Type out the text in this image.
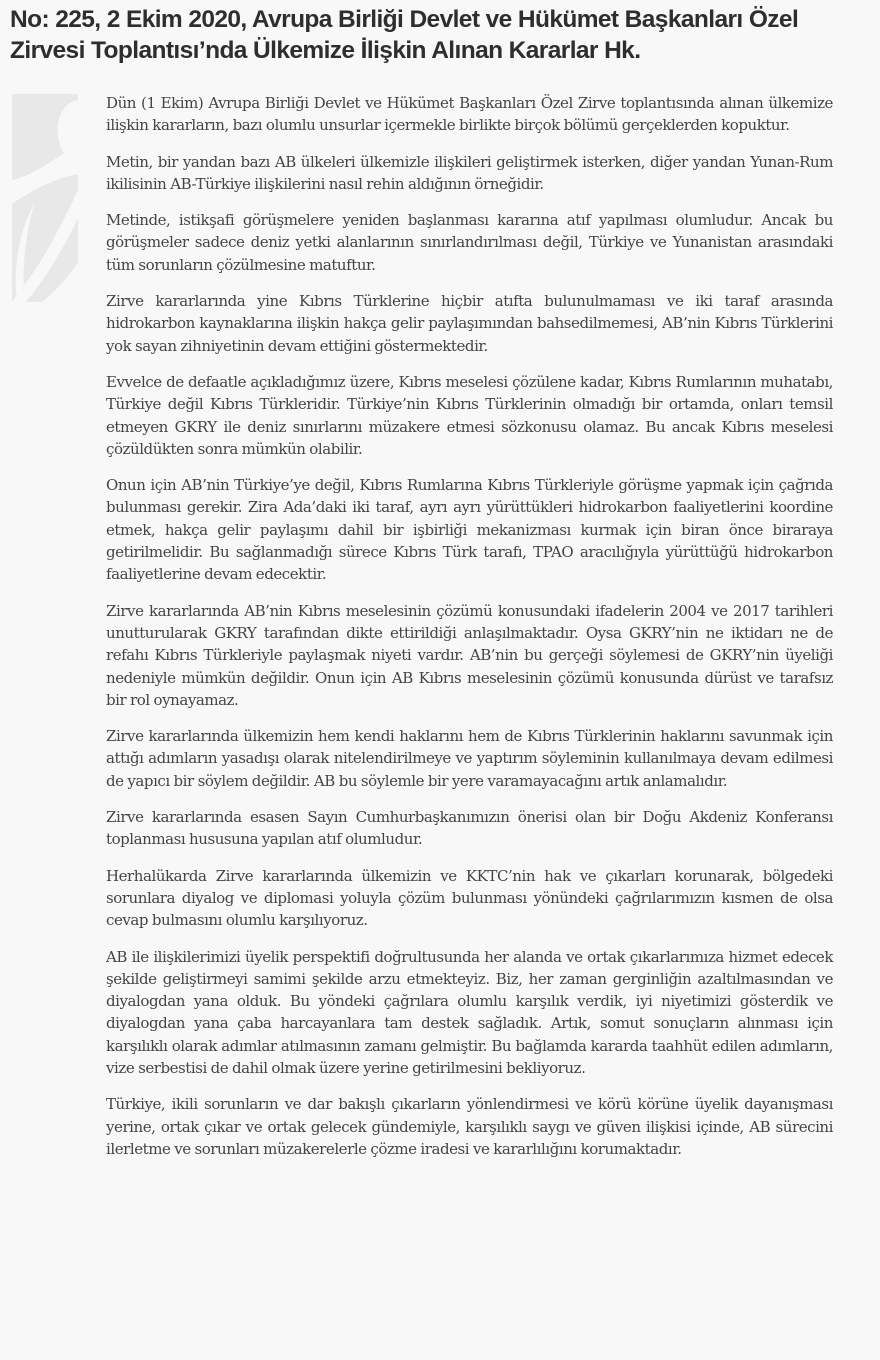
No: 225, 2 Ekim 2020, Avrupa Birliği Devlet ve Hükümet Başkanları Özel Zirvesi Toplantısı’nda Ülkemize İlişkin Alınan Kararlar Hk.

Dün (1 Ekim) Avrupa Birliği Devlet ve Hükümet Başkanları Özel Zirve toplantısında alınan ülkemize ilişkin kararların, bazı olumlu unsurlar içermekle birlikte birçok bölümü gerçeklerden kopuktur.

Metin, bir yandan bazı AB ülkeleri ülkemizle ilişkileri geliştirmek isterken, diğer yandan Yunan-Rum ikilisinin AB-Türkiye ilişkilerini nasıl rehin aldığının örneğidir.

Metinde, istikşafi görüşmelere yeniden başlanması kararına atıf yapılması olumludur. Ancak bu görüşmeler sadece deniz yetki alanlarının sınırlandırılması değil, Türkiye ve Yunanistan arasındaki tüm sorunların çözülmesine matuftur.

Zirve kararlarında yine Kıbrıs Türklerine hiçbir atıfta bulunulmaması ve iki taraf arasında hidrokarbon kaynaklarına ilişkin hakça gelir paylaşımından bahsedilmemesi, AB’nin Kıbrıs Türklerini yok sayan zihniyetinin devam ettiğini göstermektedir.

Evvelce de defaatle açıkladığımız üzere, Kıbrıs meselesi çözülene kadar, Kıbrıs Rumlarının muhatabı, Türkiye değil Kıbrıs Türkleridir. Türkiye’nin Kıbrıs Türklerinin olmadığı bir ortamda, onları temsil etmeyen GKRY ile deniz sınırlarını müzakere etmesi sözkonusu olamaz. Bu ancak Kıbrıs meselesi çözüldükten sonra mümkün olabilir.

Onun için AB’nin Türkiye’ye değil, Kıbrıs Rumlarına Kıbrıs Türkleriyle görüşme yapmak için çağrıda bulunması gerekir. Zira Ada’daki iki taraf, ayrı ayrı yürüttükleri hidrokarbon faaliyetlerini koordine etmek, hakça gelir paylaşımı dahil bir işbirliği mekanizması kurmak için biran önce biraraya getirilmelidir. Bu sağlanmadığı sürece Kıbrıs Türk tarafı, TPAO aracılığıyla yürüttüğü hidrokarbon faaliyetlerine devam edecektir.

Zirve kararlarında AB’nin Kıbrıs meselesinin çözümü konusundaki ifadelerin 2004 ve 2017 tarihleri unutturularak GKRY tarafından dikte ettirildiği anlaşılmaktadır. Oysa GKRY’nin ne iktidarı ne de refahı Kıbrıs Türkleriyle paylaşmak niyeti vardır. AB’nin bu gerçeği söylemesi de GKRY’nin üyeliği nedeniyle mümkün değildir. Onun için AB Kıbrıs meselesinin çözümü konusunda dürüst ve tarafsız bir rol oynayamaz.

Zirve kararlarında ülkemizin hem kendi haklarını hem de Kıbrıs Türklerinin haklarını savunmak için attığı adımların yasadışı olarak nitelendirilmeye ve yaptırım söyleminin kullanılmaya devam edilmesi de yapıcı bir söylem değildir. AB bu söylemle bir yere varamayacağını artık anlamalıdır.

Zirve kararlarında esasen Sayın Cumhurbaşkanımızın önerisi olan bir Doğu Akdeniz Konferansı toplanması hususuna yapılan atıf olumludur.

Herhalükarda Zirve kararlarında ülkemizin ve KKTC’nin hak ve çıkarları korunarak, bölgedeki sorunlara diyalog ve diplomasi yoluyla çözüm bulunması yönündeki çağrılarımızın kısmen de olsa cevap bulmasını olumlu karşılıyoruz.

AB ile ilişkilerimizi üyelik perspektifi doğrultusunda her alanda ve ortak çıkarlarımıza hizmet edecek şekilde geliştirmeyi samimi şekilde arzu etmekteyiz. Biz, her zaman gerginliğin azaltılmasından ve diyalogdan yana olduk. Bu yöndeki çağrılara olumlu karşılık verdik, iyi niyetimizi gösterdik ve diyalogdan yana çaba harcayanlara tam destek sağladık. Artık, somut sonuçların alınması için karşılıklı olarak adımlar atılmasının zamanı gelmiştir. Bu bağlamda kararda taahhüt edilen adımların, vize serbestisi de dahil olmak üzere yerine getirilmesini bekliyoruz.

Türkiye, ikili sorunların ve dar bakışlı çıkarların yönlendirmesi ve körü körüne üyelik dayanışması yerine, ortak çıkar ve ortak gelecek gündemiyle, karşılıklı saygı ve güven ilişkisi içinde, AB sürecini ilerletme ve sorunları müzakerelerle çözme iradesi ve kararlılığını korumaktadır.
